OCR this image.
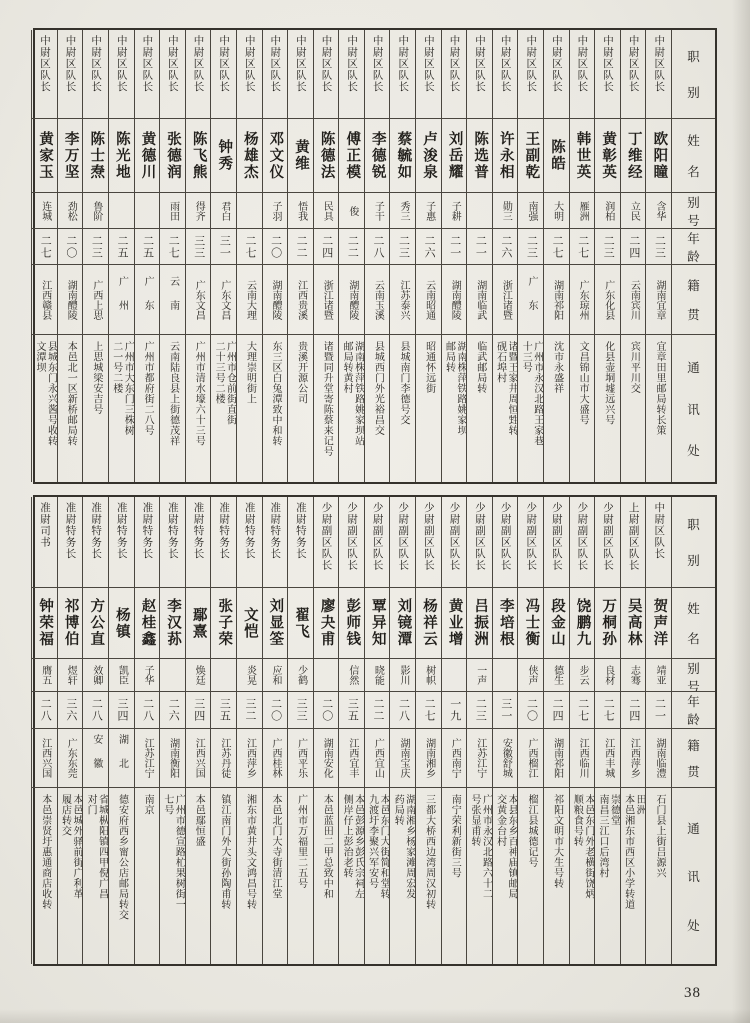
职
别
姓
名
别
号
年
龄
籍
贯
通
讯
处
中尉区队长
欧阳瞳
含华
二三
湖南宜章
宜章田里邮局转长策
中尉区队长
丁维经
立民
二四
云南宾川
宾川平川交
中尉区队长
黄彰英
润柏
二三
广东化县
化县壶垌墟远兴号
中尉区队长
韩世英
雁洲
二七
广东琼州
文昌锦山市大盛号
中尉区队长
陈皓
大明
二七
湖南祁阳
沈市永盛祥
中尉区队长
王副乾
南强
二三
广东
广州市永汉北路王家巷
十三号
中尉区队长
许永相
勋三
二六
浙江诸暨
诸暨王家井周恒甡转
砚石埠村
中尉区队长
陈选普
二一
湖南临武
临武邮局转
中尉区队长
刘岳耀
子耕
二一
湖南醴陵
湖南株萍铁路姚家坝
邮局转
中尉区队长
卢浚泉
子惠
二六
云南昭通
昭通怀远街
中尉区队长
蔡毓如
秀三
二三
江苏泰兴
县城南门李德号交
中尉区队长
李德锐
子干
二八
云南玉溪
县城西门外光裕昌交
中尉区队长
傅正模
俊
二二
湖南醴陵
湖南株萍铁路姚家坝站
邮局转黄村
中尉区队长
陈德法
民具
二四
浙江诸暨
诸暨同升堂寄陈蔡来记号
中尉区队长
黄维
悟我
二二
江西贵溪
贵溪开源公司
中尉区队长
邓文仪
子羽
二〇
湖南醴陵
东三区白兔潭致中和转
中尉区队长
杨雄杰
二七
云南大理
大理崇明街上
中尉区队长
钟秀
君白
三一
广东文昌
广州市仓前街直街
二十三号二楼
中尉区队长
陈飞熊
得齐
三三
广东文昌
广州市清水壕六十三号
中尉区队长
张德润
雨田
二七
云南
云南陆良县上街德茂祥
中尉区队长
黄德川
二五
广东
广州市都府街二八号
中尉区队长
陈光地
二五
广州
广州市大东门三株树
二一号二楼
中尉区队长
陈士焘
鲁阶
二三
广西上思
上思城梁安吉号
中尉区队长
李万坚
劲松
二〇
湖南醴陵
本邑北一区新桥邮局转
中尉区队长
黄家玉
连城
二七
江西赣县
县城东门永兴酱号收转
文潭坝
职
别
姓
名
别
号
年
龄
籍
贯
通
讯
处
中尉区队长
贺声洋
靖亚
二一
湖南临澧
石门县上街吕源兴
上尉副区队长
吴高林
志骞
二四
江西萍乡
田洲
本邑湘东市西区小学转道
少尉副区队长
万桐孙
良材
二七
江西丰城
崇德堂
南昌三江口后湾村
少尉副区队长
饶鹏九
步云
二七
江西临川
本邑东门外老横街饶炳
顺粮食号转
少尉副区队长
段金山
德生
二四
湖南祁阳
祁阳文明市大生号转
少尉副区队长
冯士衡
侠声
二〇
广西榴江
榴江县城德记号
少尉副区队长
李培根
三一
安徽舒城
本县东乡百神庙镇邮局
交黄金台村
少尉副区队长
吕振洲
一声
二三
江苏江宁
广州市永汉北路六十二
号张显甫转
少尉副区队长
黄业增
一九
广西南宁
南宁荣利新街三号
少尉副区队长
杨祥云
树帜
二七
湖南湘乡
三都大桥西边湾周汉初转
少尉副区队长
刘镜潭
影川
二八
湖南宝庆
湖南湘乡杨家滩周宏发
药局转
少尉副区队长
覃异知
晓能
二二
广西宜山
本邑东门大街简和堂转
九渡圩李聚兴军安号
少尉副区队长
彭师钱
信然
三五
江西宜丰
本邑彭源乡彭氏宗祠左
侧岸仔上彭治老转
少尉副区队长
廖夬甫
二〇
湖南安化
本邑蓝田二甲总致中和
准尉特务长
翟飞
少鹤
三三
广西平乐
广州市万福里二五号
准尉特务长
刘显筌
应和
二〇
广西桂林
本邑北门大寺街清江堂
准尉特务长
文恺
炎晃
三二
江西萍乡
湘东市黄井头文鸿昌号转
准尉特务长
张子荣
三五
江苏丹徒
镇江南门外大街孙陶甫转
准尉特务长
鄢熹
焕廷
三四
江西兴国
本邑鄢恒盛
准尉特务长
李汉荪
二六
湖南衡阳
广州市德宣路杧果树街一
七号
准尉特务长
赵桂鑫
子华
二八
江苏江宁
南京
准尉特务长
杨镇
凯臣
三四
湖北
德安府西乡甯公店邮局转交
准尉特务长
方公直
效卿
二八
安徽
省城枞阳镇四甲倪广昌
对门
准尉特务长
祁博伯
煜轩
三六
广东东莞
本邑城外驿前街广利革
履店转交
准尉司书
钟荣福
膺五
二八
江西兴国
本邑崇贤圩惠通商店收转
38
